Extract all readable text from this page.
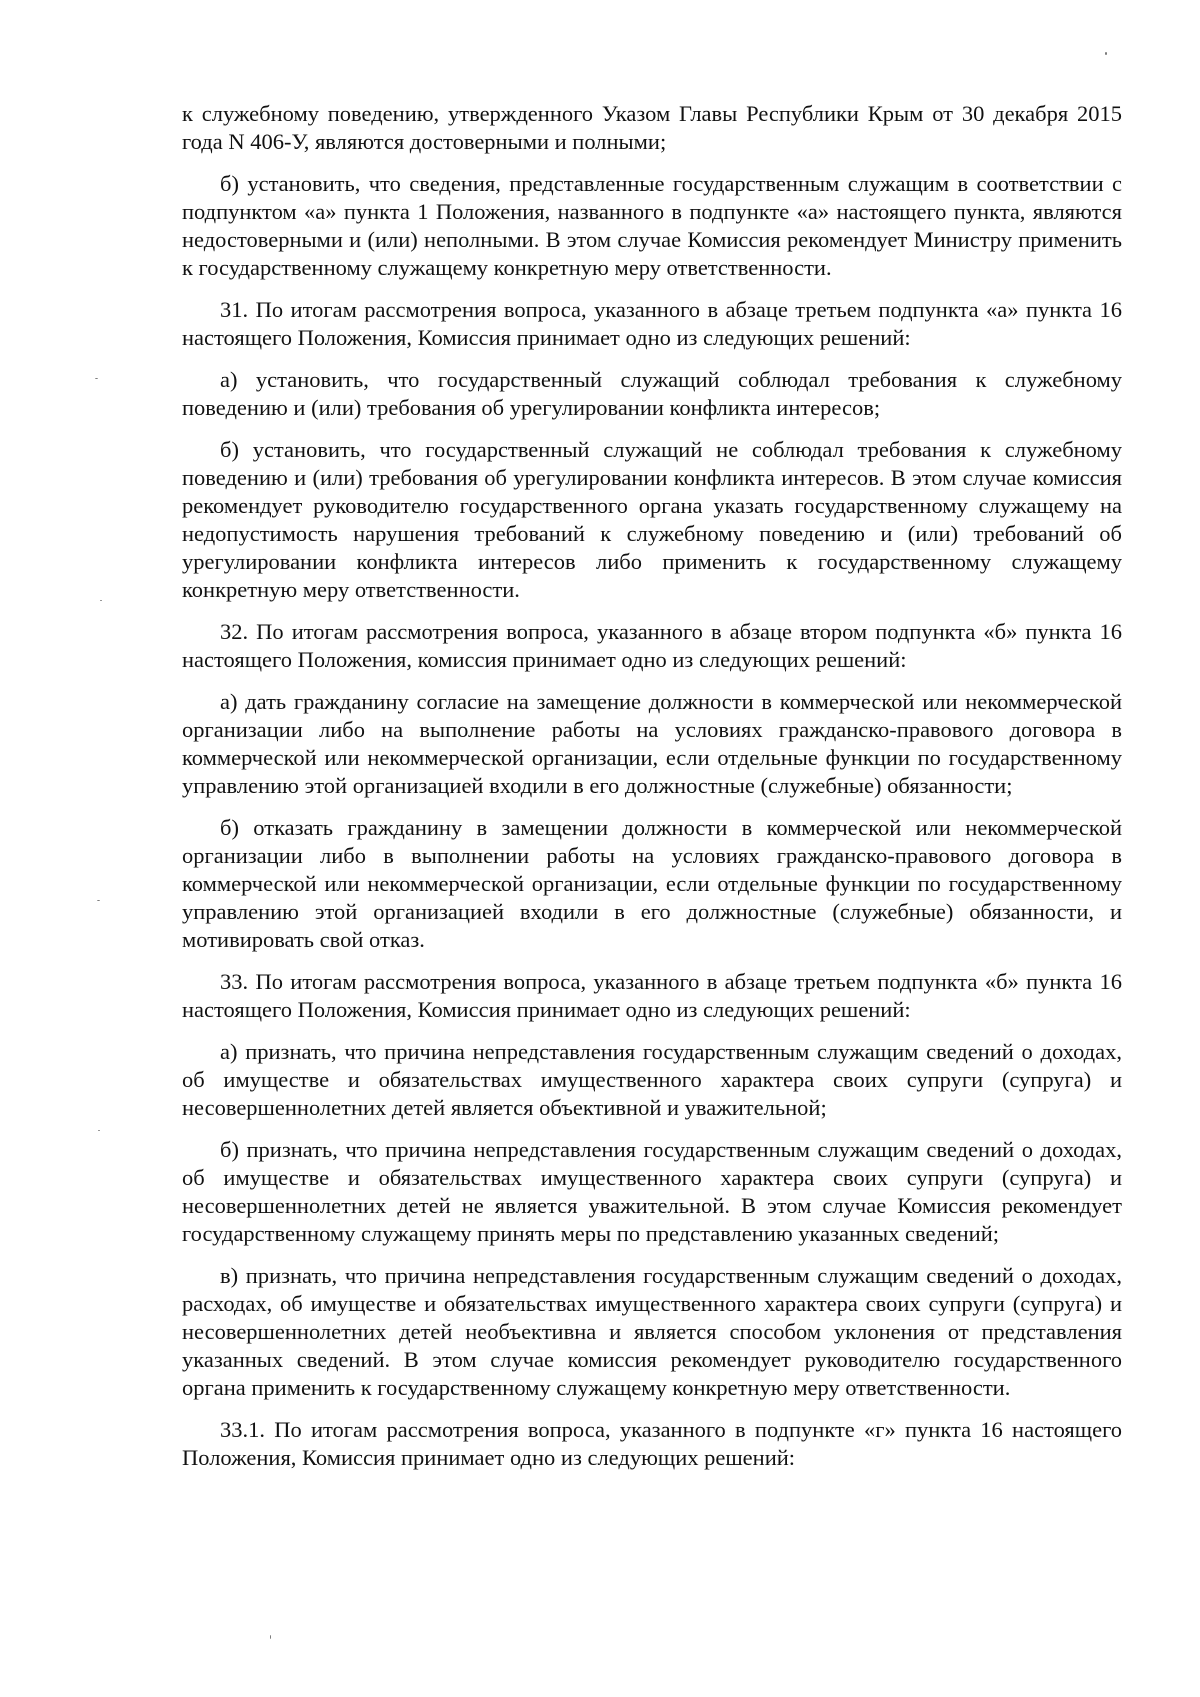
к служебному поведению, утвержденного Указом Главы Республики Крым от 30 декабря 2015 года N 406-У, являются достоверными и полными;

б) установить, что сведения, представленные государственным служащим в соответствии с подпунктом «а» пункта 1 Положения, названного в подпункте «а» настоящего пункта, являются недостоверными и (или) неполными. В этом случае Комиссия рекомендует Министру применить к государственному служащему конкретную меру ответственности.

31. По итогам рассмотрения вопроса, указанного в абзаце третьем подпункта «а» пункта 16 настоящего Положения, Комиссия принимает одно из следующих решений:

а) установить, что государственный служащий соблюдал требования к служебному поведению и (или) требования об урегулировании конфликта интересов;

б) установить, что государственный служащий не соблюдал требования к служебному поведению и (или) требования об урегулировании конфликта интересов. В этом случае комиссия рекомендует руководителю государственного органа указать государственному служащему на недопустимость нарушения требований к служебному поведению и (или) требований об урегулировании конфликта интересов либо применить к государственному служащему конкретную меру ответственности.

32. По итогам рассмотрения вопроса, указанного в абзаце втором подпункта «б» пункта 16 настоящего Положения, комиссия принимает одно из следующих решений:

а) дать гражданину согласие на замещение должности в коммерческой или некоммерческой организации либо на выполнение работы на условиях гражданско-правового договора в коммерческой или некоммерческой организации, если отдельные функции по государственному управлению этой организацией входили в его должностные (служебные) обязанности;

б) отказать гражданину в замещении должности в коммерческой или некоммерческой организации либо в выполнении работы на условиях гражданско-правового договора в коммерческой или некоммерческой организации, если отдельные функции по государственному управлению этой организацией входили в его должностные (служебные) обязанности, и мотивировать свой отказ.

33. По итогам рассмотрения вопроса, указанного в абзаце третьем подпункта «б» пункта 16 настоящего Положения, Комиссия принимает одно из следующих решений:

а) признать, что причина непредставления государственным служащим сведений о доходах, об имуществе и обязательствах имущественного характера своих супруги (супруга) и несовершеннолетних детей является объективной и уважительной;

б) признать, что причина непредставления государственным служащим сведений о доходах, об имуществе и обязательствах имущественного характера своих супруги (супруга) и несовершеннолетних детей не является уважительной. В этом случае Комиссия рекомендует государственному служащему принять меры по представлению указанных сведений;

в) признать, что причина непредставления государственным служащим сведений о доходах, расходах, об имуществе и обязательствах имущественного характера своих супруги (супруга) и несовершеннолетних детей необъективна и является способом уклонения от представления указанных сведений. В этом случае комиссия рекомендует руководителю государственного органа применить к государственному служащему конкретную меру ответственности.

33.1. По итогам рассмотрения вопроса, указанного в подпункте «г» пункта 16 настоящего Положения, Комиссия принимает одно из следующих решений:
